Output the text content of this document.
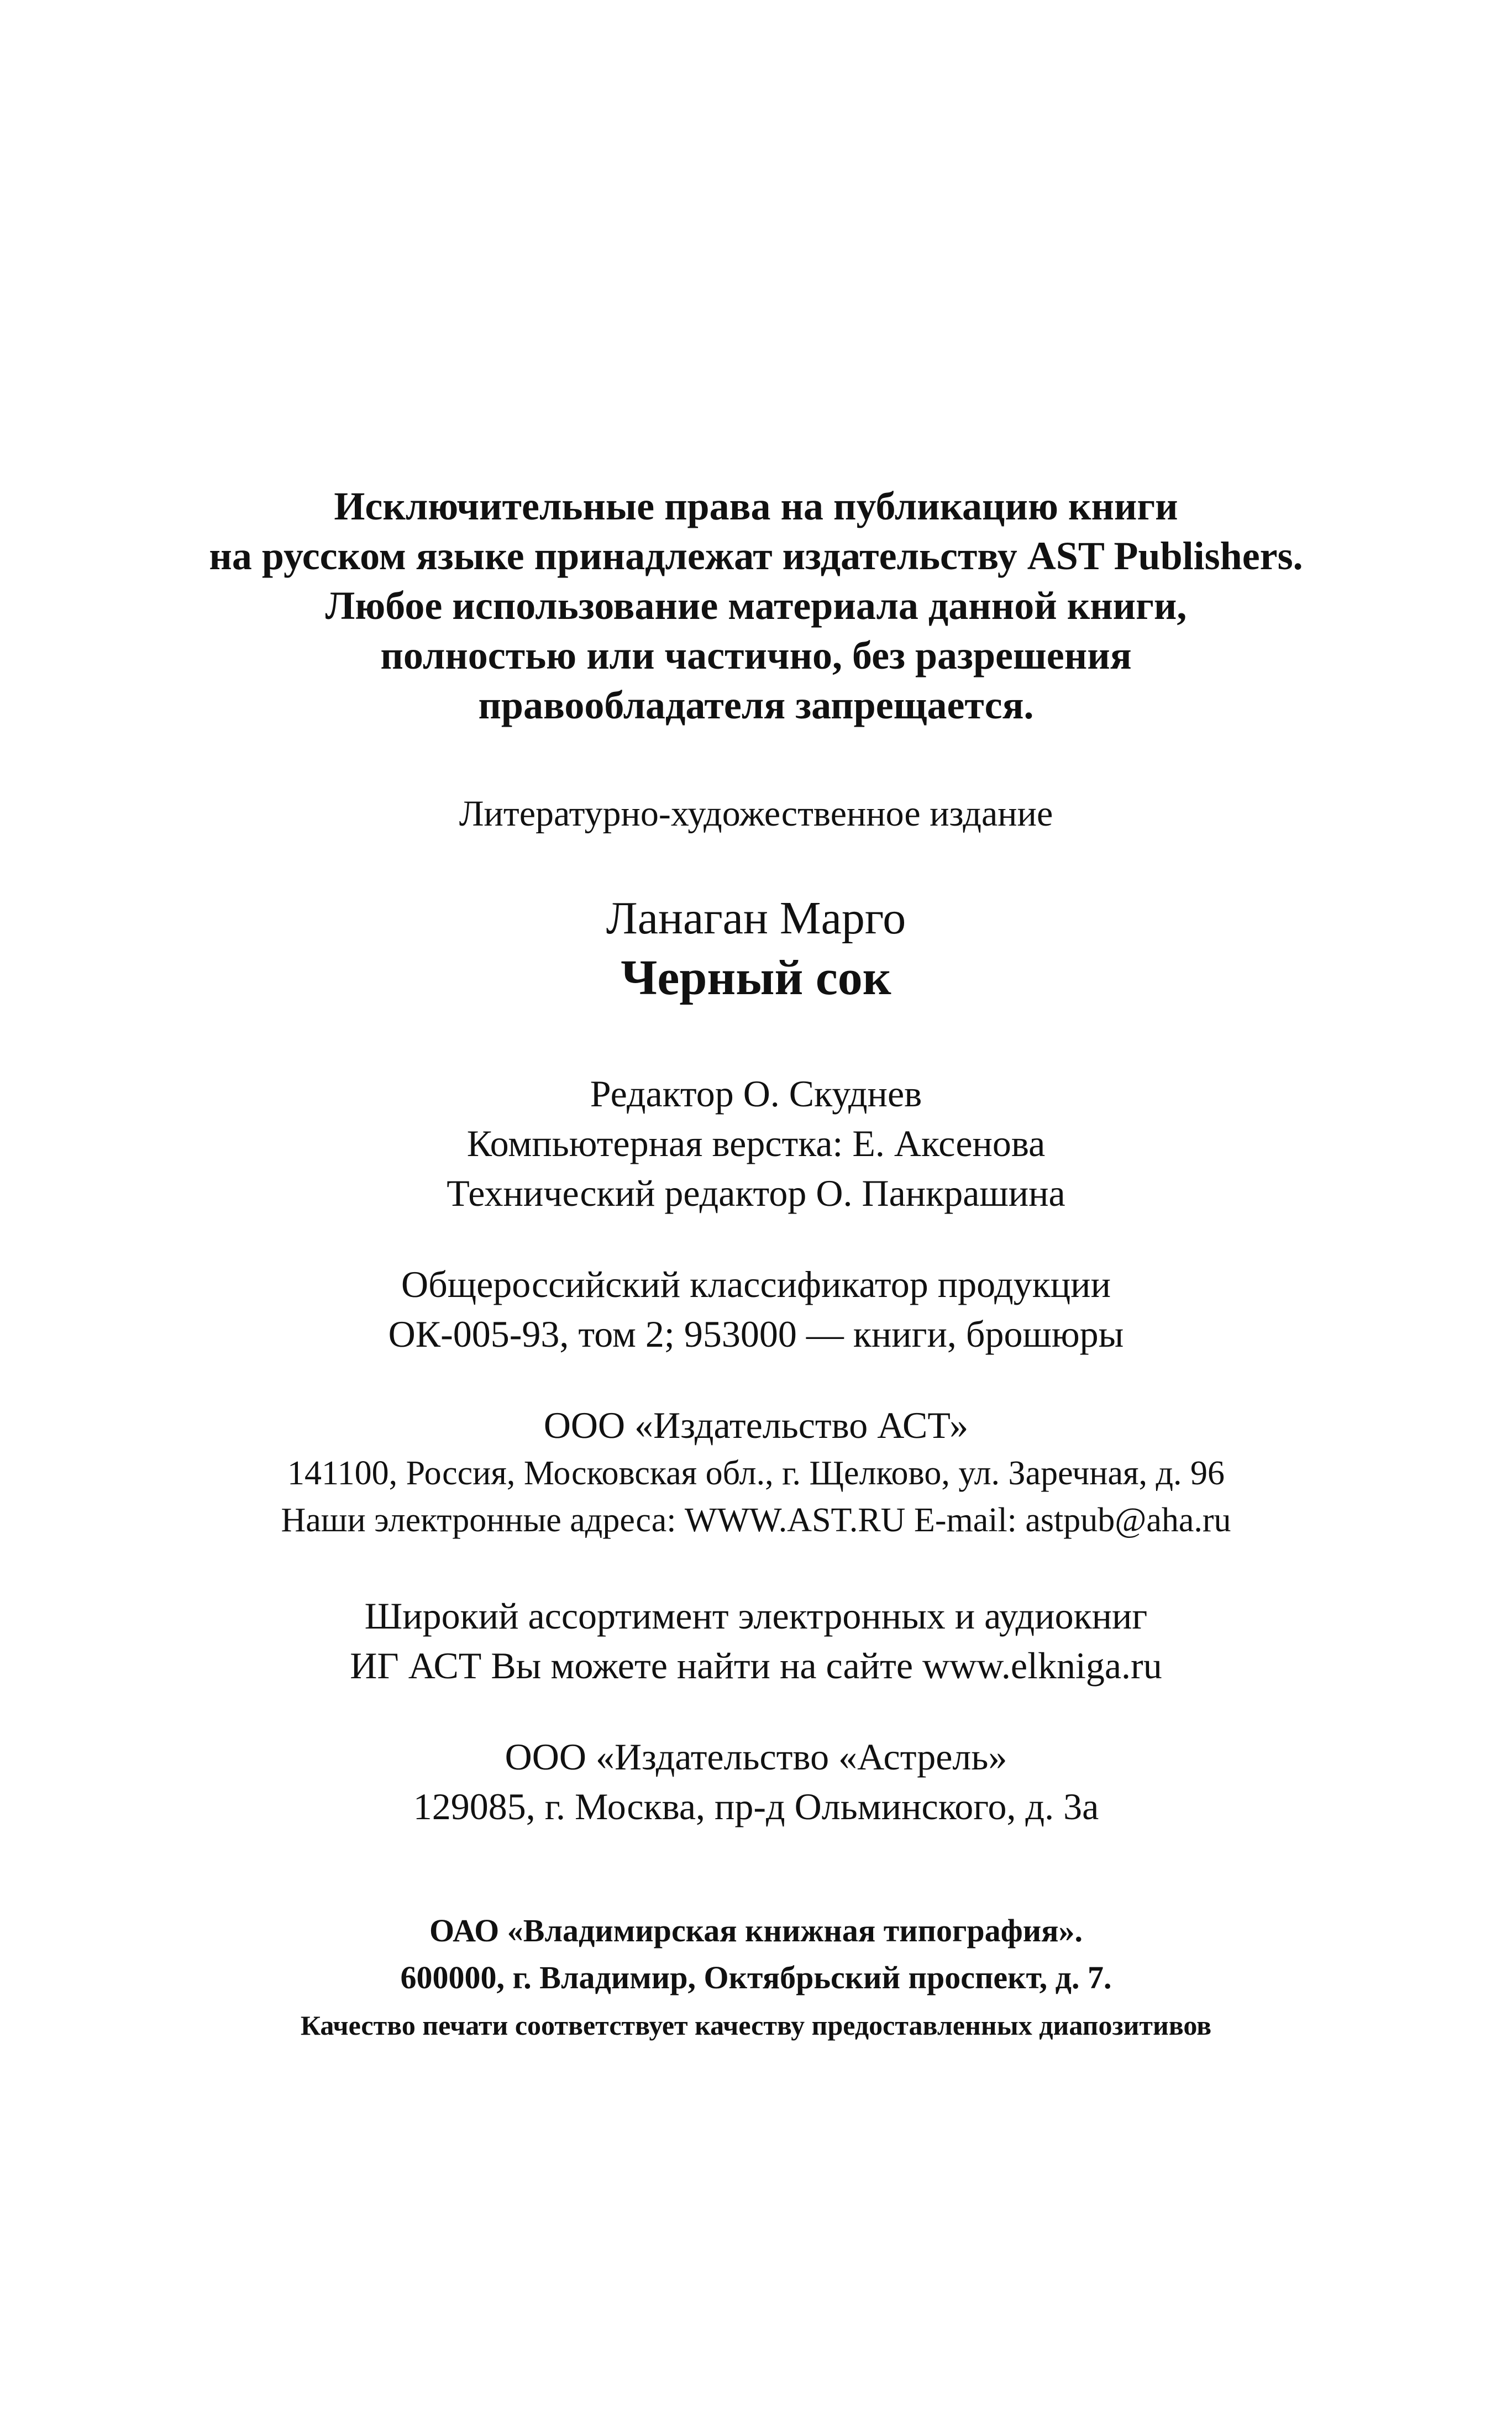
Исключительные права на публикацию книги
на русском языке принадлежат издательству AST Publishers.
Любое использование материала данной книги,
полностью или частично, без разрешения
правообладателя запрещается.
Литературно-художественное издание
Ланаган Марго
Черный сок
Редактор О. Скуднев
Компьютерная верстка: Е. Аксенова
Технический редактор О. Панкрашина
Общероссийский классификатор продукции
ОК-005-93, том 2; 953000 — книги, брошюры
ООО «Издательство АСТ»
141100, Россия, Московская обл., г. Щелково, ул. Заречная, д. 96
Наши электронные адреса: WWW.AST.RU E-mail: astpub@aha.ru
Широкий ассортимент электронных и аудиокниг
ИГ АСТ Вы можете найти на сайте www.elkniga.ru
ООО «Издательство «Астрель»
129085, г. Москва, пр-д Ольминского, д. 3а
ОАО «Владимирская книжная типография».
600000, г. Владимир, Октябрьский проспект, д. 7.
Качество печати соответствует качеству предоставленных диапозитивов
